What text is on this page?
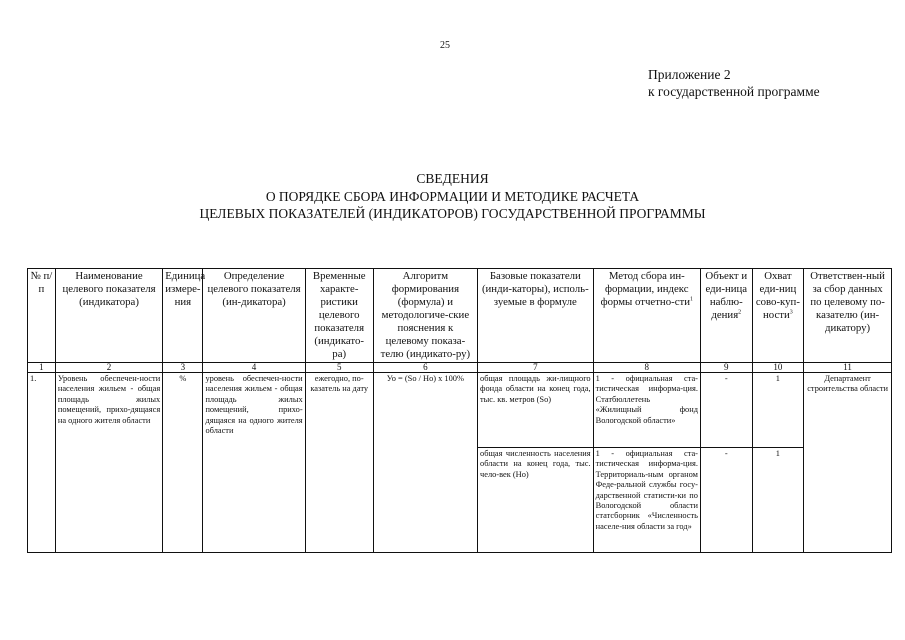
25
Приложение 2
к государственной программе
СВЕДЕНИЯ
О ПОРЯДКЕ СБОРА ИНФОРМАЦИИ И МЕТОДИКЕ РАСЧЕТА
ЦЕЛЕВЫХ ПОКАЗАТЕЛЕЙ (ИНДИКАТОРОВ) ГОСУДАРСТВЕННОЙ ПРОГРАММЫ
№ п/п	Наименование целевого показателя (индикатора)	Единица измере-ния	Определение целевого показателя (ин-дикатора)	Временные характе-ристики целевого показателя (индикато-ра)	Алгоритм формирования (формула) и методологиче-ские пояснения к целевому показа-телю (индикато-ру)	Базовые показатели (инди-каторы), исполь-зуемые в формуле	Метод сбора ин-формации, индекс формы отчетно-сти$^1$	Объект и еди-ница наблю-дения$^2$	Охват еди-ниц сово-куп-ности$^3$	Ответствен-ный за сбор данных по целевому по-казателю (ин-дикатору)
1	2	3	4	5	6	7	8	9	10	11
1.	Уровень обеспечен-ности населения жильем - общая площадь жилых помещений, прихо-дящаяся на одного жителя области	%	уровень обеспечен-ности населения жильем - общая площадь жилых помещений, прихо-дящаяся на одного жителя области	ежегодно, по-казатель на дату	Уо = (So / Ho) х 100%	общая площадь жи-лищного фонда области на конец года, тыс. кв. метров (So)	1 - официальная ста-тистическая информа-ция. Статбюллетень «Жилищный фонд Вологодской области»	-	1	Департамент строительства области
						общая численность населения области на конец года, тыс. чело-век (Ho)	1 - официальная ста-тистическая информа-ция. Территориаль-ным органом Феде-ральной службы госу-дарственной статисти-ки по Вологодской области статсборник «Численность населе-ния области за год»	-	1	
